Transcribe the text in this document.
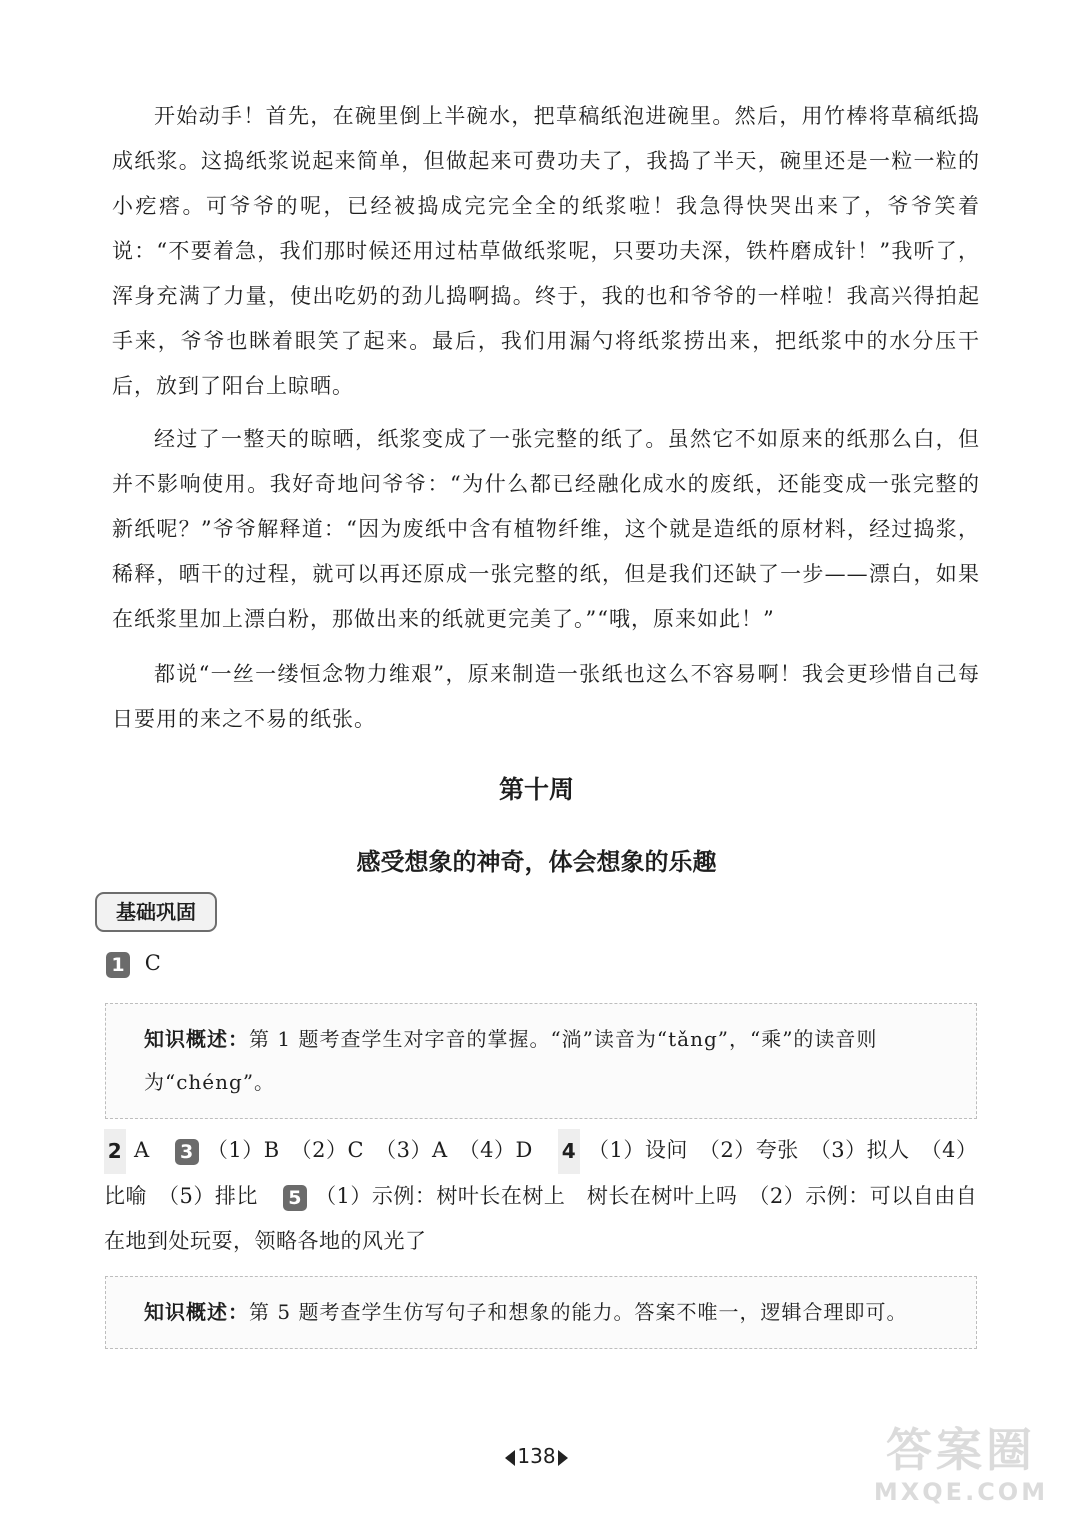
开始动手！首先，在碗里倒上半碗水，把草稿纸泡进碗里。然后，用竹棒将草稿纸捣成纸浆。这捣纸浆说起来简单，但做起来可费功夫了，我捣了半天，碗里还是一粒一粒的小疙瘩。可爷爷的呢，已经被捣成完完全全的纸浆啦！我急得快哭出来了，爷爷笑着说：“不要着急，我们那时候还用过枯草做纸浆呢，只要功夫深，铁杵磨成针！”我听了，浑身充满了力量，使出吃奶的劲儿捣啊捣。终于，我的也和爷爷的一样啦！我高兴得拍起手来，爷爷也眯着眼笑了起来。最后，我们用漏勺将纸浆捞出来，把纸浆中的水分压干后，放到了阳台上晾晒。

经过了一整天的晾晒，纸浆变成了一张完整的纸了。虽然它不如原来的纸那么白，但并不影响使用。我好奇地问爷爷：“为什么都已经融化成水的废纸，还能变成一张完整的新纸呢？”爷爷解释道：“因为废纸中含有植物纤维，这个就是造纸的原材料，经过捣浆，稀释，晒干的过程，就可以再还原成一张完整的纸，但是我们还缺了一步——漂白，如果在纸浆里加上漂白粉，那做出来的纸就更完美了。”“哦，原来如此！”

都说“一丝一缕恒念物力维艰”，原来制造一张纸也这么不容易啊！我会更珍惜自己每日要用的来之不易的纸张。

第十周
感受想象的神奇，体会想象的乐趣
基础巩固
1 C

知识概述：第 1 题考查学生对字音的掌握。“淌”读音为“tǎng”，“乘”的读音则为“chéng”。

2 A 3 （1）B　（2）C　（3）A　（4）D 4 （1）设问　（2）夸张　（3）拟人　（4）比喻　（5）排比 5 （1）示例：树叶长在树上　树长在树叶上吗　（2）示例：可以自由自在地到处玩耍，领略各地的风光了

知识概述：第 5 题考查学生仿写句子和想象的能力。答案不唯一，逻辑合理即可。

138	答案圈
MXQE.COM
